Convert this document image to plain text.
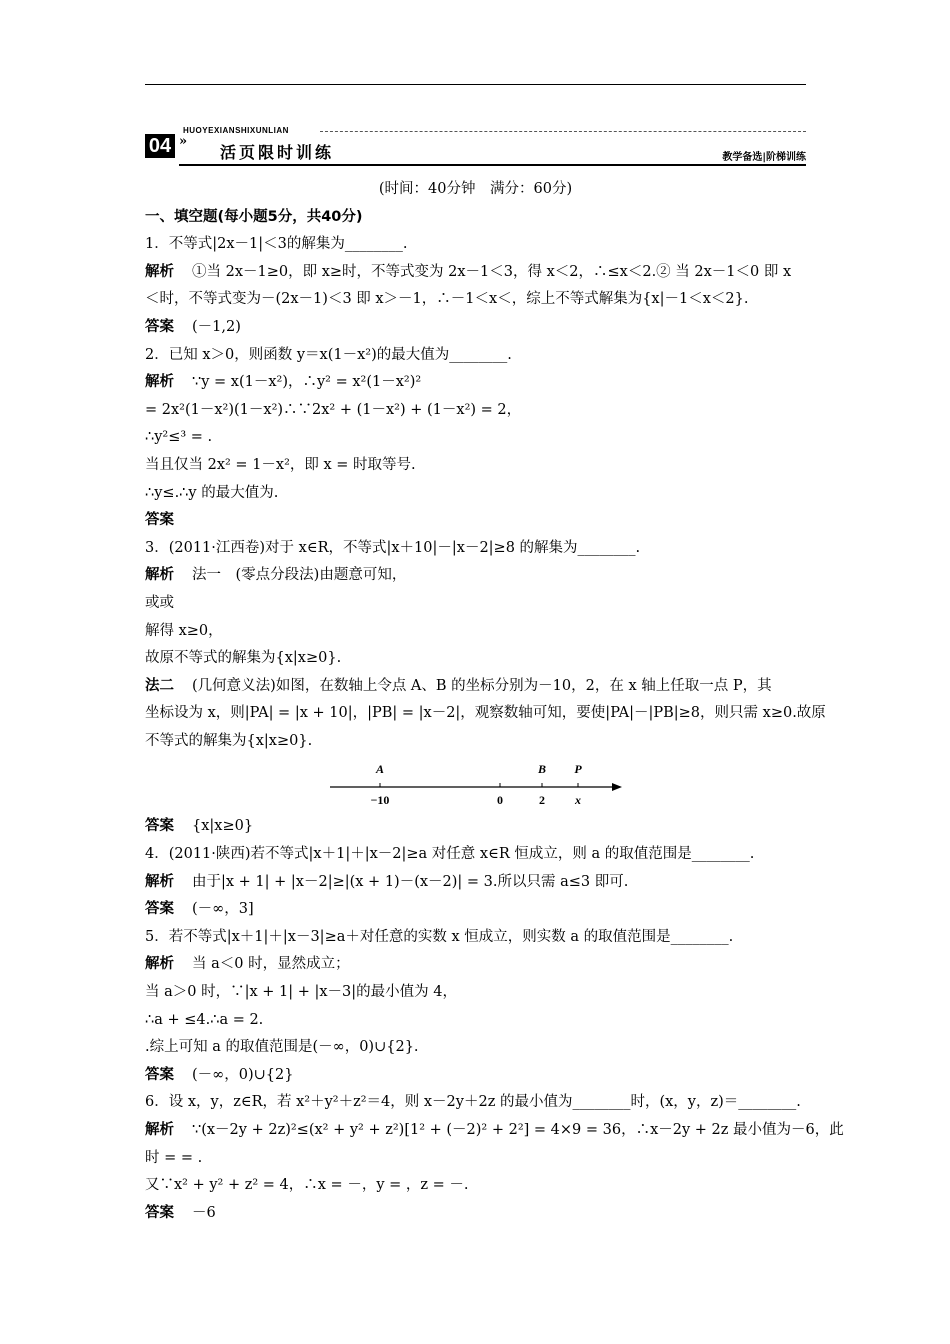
HUOYEXIANSHIXUNLIAN
04 »
活页限时训练	教学备选|阶梯训练
(时间：40分钟　满分：60分)
一、填空题(每小题5分，共40分)
1．不等式|2x－1|＜3的解集为________.
解析 ①当 2x－1≥0，即 x≥时，不等式变为 2x－1＜3，得 x＜2，∴≤x＜2.② 当 2x－1＜0 即 x
＜时，不等式变为－(2x－1)＜3 即 x＞－1，∴－1＜x＜，综上不等式解集为{x|－1＜x＜2}.
答案 (－1,2)
2．已知 x＞0，则函数 y＝x(1－x²)的最大值为________.
解析 ∵y = x(1－x²)，∴y² = x²(1－x²)²
= 2x²(1－x²)(1－x²)∴∵2x² + (1－x²) + (1－x²) = 2，
∴y²≤³ = .
当且仅当 2x² = 1－x²，即 x = 时取等号.
∴y≤.∴y 的最大值为.
答案
3．(2011·江西卷)对于 x∈R，不等式|x＋10|－|x－2|≥8 的解集为________.
解析 法一　(零点分段法)由题意可知，
或或
解得 x≥0，
故原不等式的解集为{x|x≥0}.
法二 (几何意义法)如图，在数轴上令点 A、B 的坐标分别为－10，2，在 x 轴上任取一点 P，其
坐标设为 x，则|PA| = |x + 10|，|PB| = |x－2|，观察数轴可知，要使|PA|－|PB|≥8，则只需 x≥0.故原
不等式的解集为{x|x≥0}.
A
−10	0
B
2
P
x
答案 {x|x≥0}
4．(2011·陕西)若不等式|x＋1|＋|x－2|≥a 对任意 x∈R 恒成立，则 a 的取值范围是________.
解析 由于|x + 1| + |x－2|≥|(x + 1)－(x－2)| = 3.所以只需 a≤3 即可.
答案 (－∞，3]
5．若不等式|x＋1|＋|x－3|≥a＋对任意的实数 x 恒成立，则实数 a 的取值范围是________.
解析 当 a＜0 时，显然成立；
当 a＞0 时，∵|x + 1| + |x－3|的最小值为 4，
∴a + ≤4.∴a = 2.
.综上可知 a 的取值范围是(－∞，0)∪{2}.
答案 (－∞，0)∪{2}
6．设 x，y，z∈R，若 x²＋y²＋z²＝4，则 x－2y＋2z 的最小值为________时，(x，y，z)＝________.
解析 ∵(x－2y + 2z)²≤(x² + y² + z²)[1² + (－2)² + 2²] = 4×9 = 36，∴x－2y + 2z 最小值为－6，此
时 = = .
又∵x² + y² + z² = 4，∴x = －，y = ，z = －.
答案 －6
